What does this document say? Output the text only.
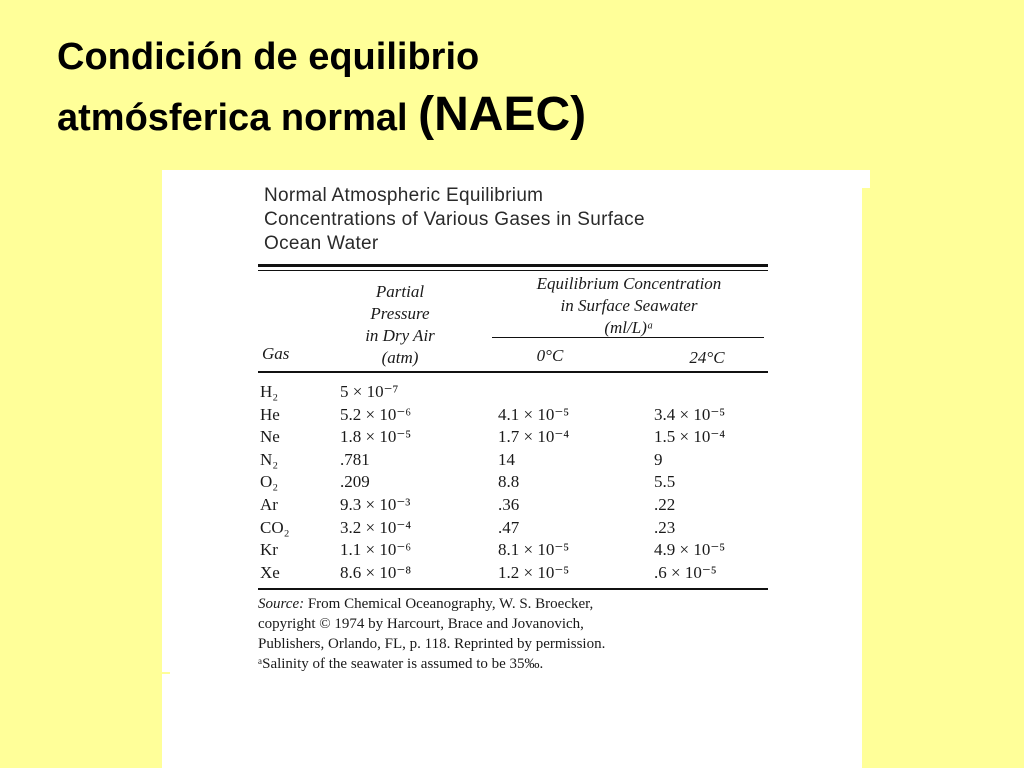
Condición de equilibrio
atmósferica normal (NAEC)
Normal Atmospheric Equilibrium
Concentrations of Various Gases in Surface
Ocean Water
Gas
Partial
Pressure
in Dry Air
(atm)
Equilibrium Concentration
in Surface Seawater
(ml/L)ᵃ
0°C	24°C
H₂	5 × 10⁻⁷
He	5.2 × 10⁻⁶	4.1 × 10⁻⁵	3.4 × 10⁻⁵
Ne	1.8 × 10⁻⁵	1.7 × 10⁻⁴	1.5 × 10⁻⁴
N₂	.781	14	9
O₂	.209	8.8	5.5
Ar	9.3 × 10⁻³	.36	.22
CO₂	3.2 × 10⁻⁴	.47	.23
Kr	1.1 × 10⁻⁶	8.1 × 10⁻⁵	4.9 × 10⁻⁵
Xe	8.6 × 10⁻⁸	1.2 × 10⁻⁵	.6 × 10⁻⁵
Source: From Chemical Oceanography, W. S. Broecker,
copyright © 1974 by Harcourt, Brace and Jovanovich,
Publishers, Orlando, FL, p. 118. Reprinted by permission.
ᵃSalinity of the seawater is assumed to be 35‰.
